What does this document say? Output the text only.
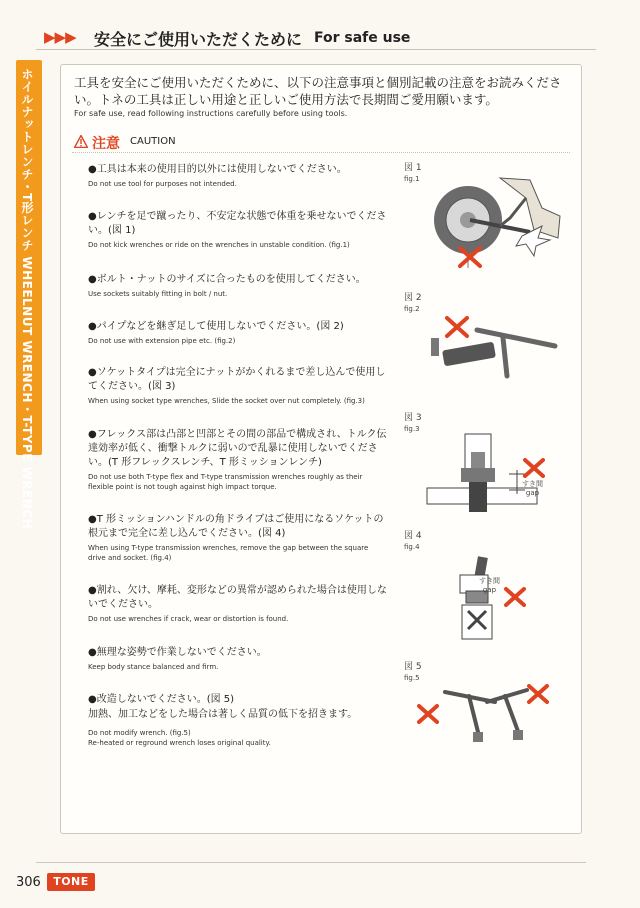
▶▶▶ 安全にご使用いただくために For safe use
ホイルナットレンチ・T形レンチ WHEELNUT WRENCH・T-TYPE WRENCH	工具を安全にご使用いただくために、以下の注意事項と個別記載の注意をお読みください。トネの工具は正しい用途と正しいご使用方法で長期間ご愛用願います。
For safe use, read following instructions carefully before using tools.
注意 CAUTION
●工具は本来の使用目的以外には使用しないでください。
Do not use tool for purposes not intended.
●レンチを足で蹴ったり、不安定な状態で体重を乗せないでください。(図 1)
Do not kick wrenches or ride on the wrenches in unstable condition. (fig.1)
●ボルト・ナットのサイズに合ったものを使用してください。
Use sockets suitably fitting in bolt / nut.
●パイプなどを継ぎ足して使用しないでください。(図 2)
Do not use with extension pipe etc. (fig.2)
●ソケットタイプは完全にナットがかくれるまで差し込んで使用してください。(図 3)
When using socket type wrenches, Slide the socket over nut completely. (fig.3)
●フレックス部は凸部と凹部とその間の部品で構成され、トルク伝達効率が低く、衝撃トルクに弱いので乱暴に使用しないでください。(T 形フレックスレンチ、T 形ミッションレンチ)
Do not use both T-type flex and T-type transmission wrenches roughly as their flexible point is not tough against high impact torque.
●T 形ミッションハンドルの角ドライブはご使用になるソケットの根元まで完全に差し込んでください。(図 4)
When using T-type transmission wrenches, remove the gap between the square drive and socket. (fig.4)
●割れ、欠け、摩耗、変形などの異常が認められた場合は使用しないでください。
Do not use wrenches if crack, wear or distortion is found.
●無理な姿勢で作業しないでください。
Keep body stance balanced and firm.
●改造しないでください。(図 5)
加熱、加工などをした場合は著しく品質の低下を招きます。
Do not modify wrench. (fig.5)
Re-heated or reground wrench loses original quality.
図 1
fig.1
図 2
fig.2
図 3
fig.3
図 4
fig.4
図 5
fig.5
すき間
gap
すき間
gap
306	TONE
